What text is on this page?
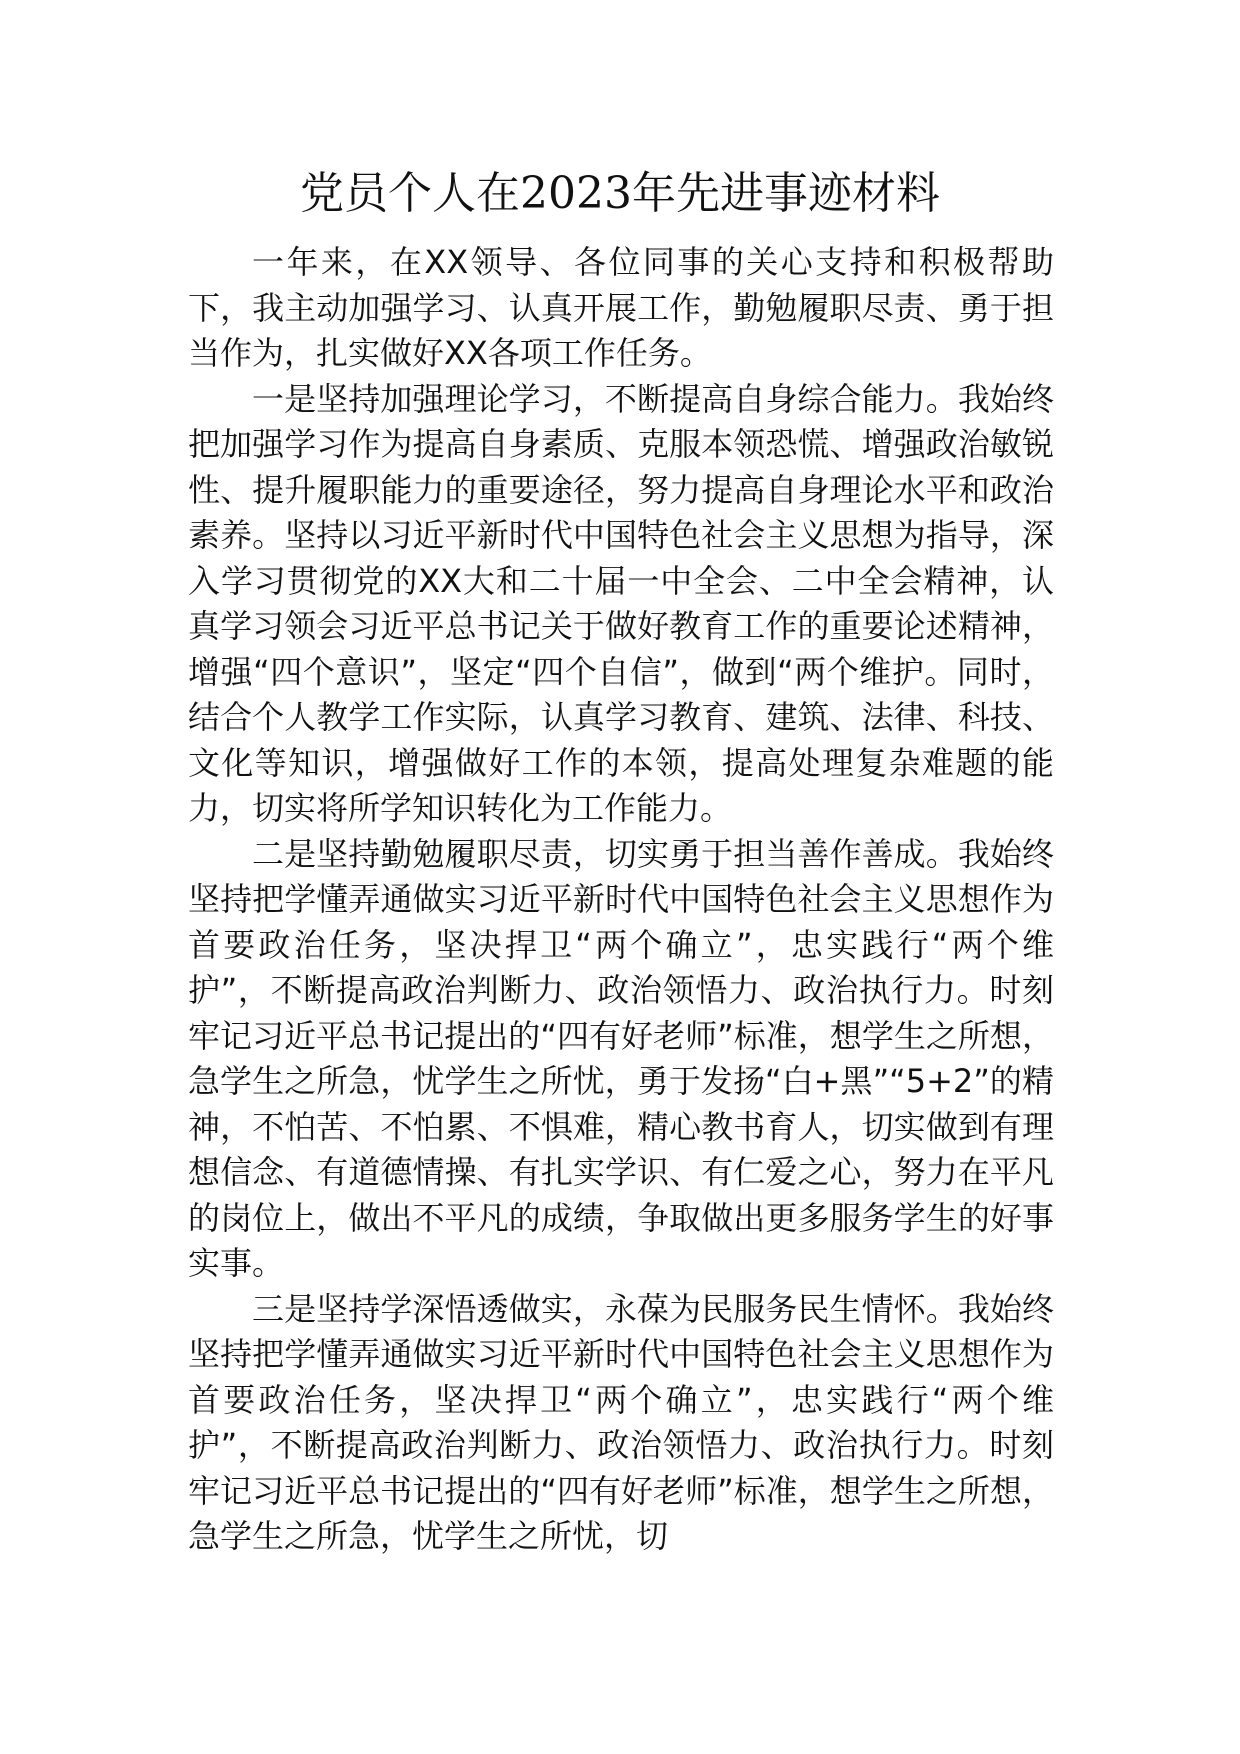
党员个人在2023年先进事迹材料

一年来，在XX领导、各位同事的关心支持和积极帮助下，我主动加强学习、认真开展工作，勤勉履职尽责、勇于担当作为，扎实做好XX各项工作任务。

一是坚持加强理论学习，不断提高自身综合能力。我始终把加强学习作为提高自身素质、克服本领恐慌、增强政治敏锐性、提升履职能力的重要途径，努力提高自身理论水平和政治素养。坚持以习近平新时代中国特色社会主义思想为指导，深入学习贯彻党的XX大和二十届一中全会、二中全会精神，认真学习领会习近平总书记关于做好教育工作的重要论述精神，增强“四个意识”，坚定“四个自信”，做到“两个维护。同时，结合个人教学工作实际，认真学习教育、建筑、法律、科技、文化等知识，增强做好工作的本领，提高处理复杂难题的能力，切实将所学知识转化为工作能力。

二是坚持勤勉履职尽责，切实勇于担当善作善成。我始终坚持把学懂弄通做实习近平新时代中国特色社会主义思想作为首要政治任务，坚决捍卫“两个确立”，忠实践行“两个维护”，不断提高政治判断力、政治领悟力、政治执行力。时刻牢记习近平总书记提出的“四有好老师”标准，想学生之所想，急学生之所急，忧学生之所忧，勇于发扬“白+黑”“5+2”的精神，不怕苦、不怕累、不惧难，精心教书育人，切实做到有理想信念、有道德情操、有扎实学识、有仁爱之心，努力在平凡的岗位上，做出不平凡的成绩，争取做出更多服务学生的好事实事。

三是坚持学深悟透做实，永葆为民服务民生情怀。我始终坚持把学懂弄通做实习近平新时代中国特色社会主义思想作为首要政治任务，坚决捍卫“两个确立”，忠实践行“两个维护”，不断提高政治判断力、政治领悟力、政治执行力。时刻牢记习近平总书记提出的“四有好老师”标准，想学生之所想，急学生之所急，忧学生之所忧，切
